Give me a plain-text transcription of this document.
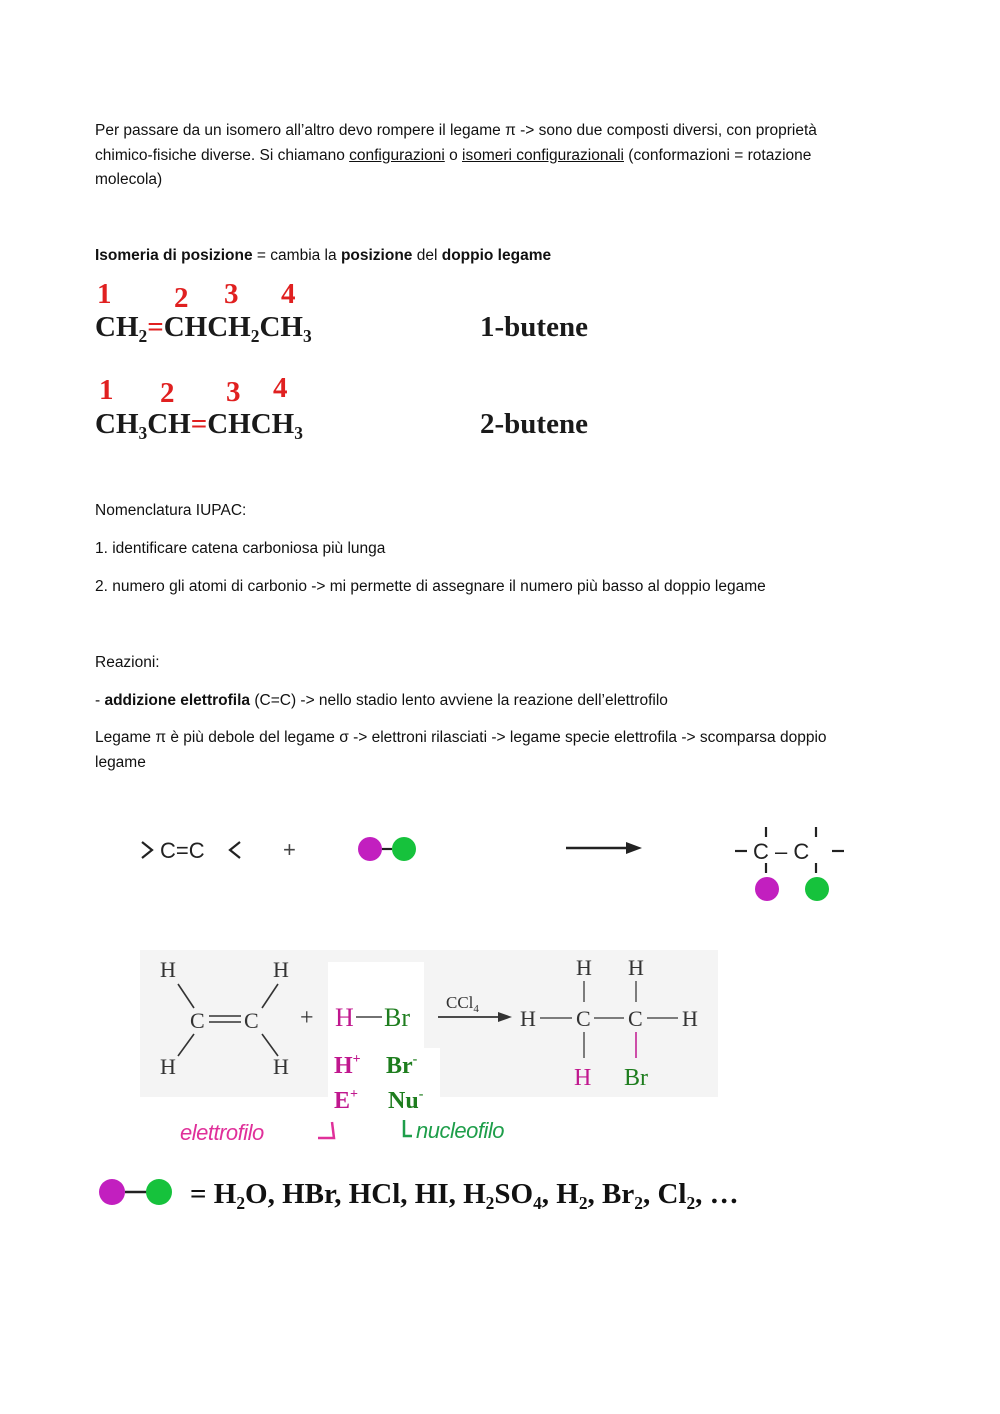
Per passare da un isomero all’altro devo rompere il legame π -> sono due composti diversi, con proprietà
chimico-fisiche diverse. Si chiamano configurazioni o isomeri configurazionali (conformazioni = rotazione
molecola)

Isomeria di posizione = cambia la posizione del doppio legame

1 2 3 4
$CH_2=CHCH_2CH_3$	1-butene
1 2 3 4
$CH_3CH=CHCH_3$	2-butene

Nomenclatura IUPAC:

1. identificare catena carboniosa più lunga

2. numero gli atomi di carbonio -> mi permette di assegnare il numero più basso al doppio legame

Reazioni:

- addizione elettrofila (C=C) -> nello stadio lento avviene la reazione dell’elettrofilo

Legame π è più debole del legame σ -> elettroni rilasciati -> legame specie elettrofila -> scomparsa doppio
legame

C=C	+	C – C
H	H
C C
H	H
+ H Br
CCl$_4$
H H
H C C H
H Br
H+ Br-
E+ Nu-
elettrofilo	nucleofilo
= $H_2O$, HBr, HCl, HI, $H_2SO_4$, $H_2$, $Br_2$, $Cl_2$, …
